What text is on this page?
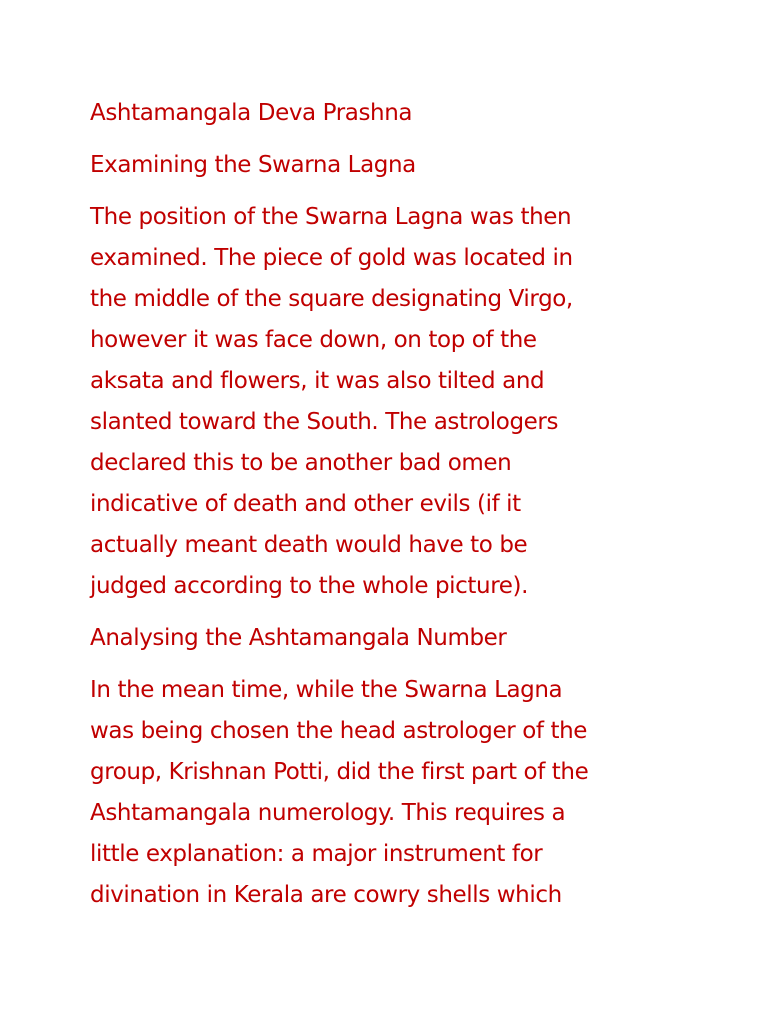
Ashtamangala Deva Prashna
Examining the Swarna Lagna
The position of the Swarna Lagna was then
examined. The piece of gold was located in
the middle of the square designating Virgo,
however it was face down, on top of the
aksata and flowers, it was also tilted and
slanted toward the South. The astrologers
declared this to be another bad omen
indicative of death and other evils (if it
actually meant death would have to be
judged according to the whole picture).
Analysing the Ashtamangala Number
In the mean time, while the Swarna Lagna
was being chosen the head astrologer of the
group, Krishnan Potti, did the first part of the
Ashtamangala numerology. This requires a
little explanation: a major instrument for
divination in Kerala are cowry shells which
